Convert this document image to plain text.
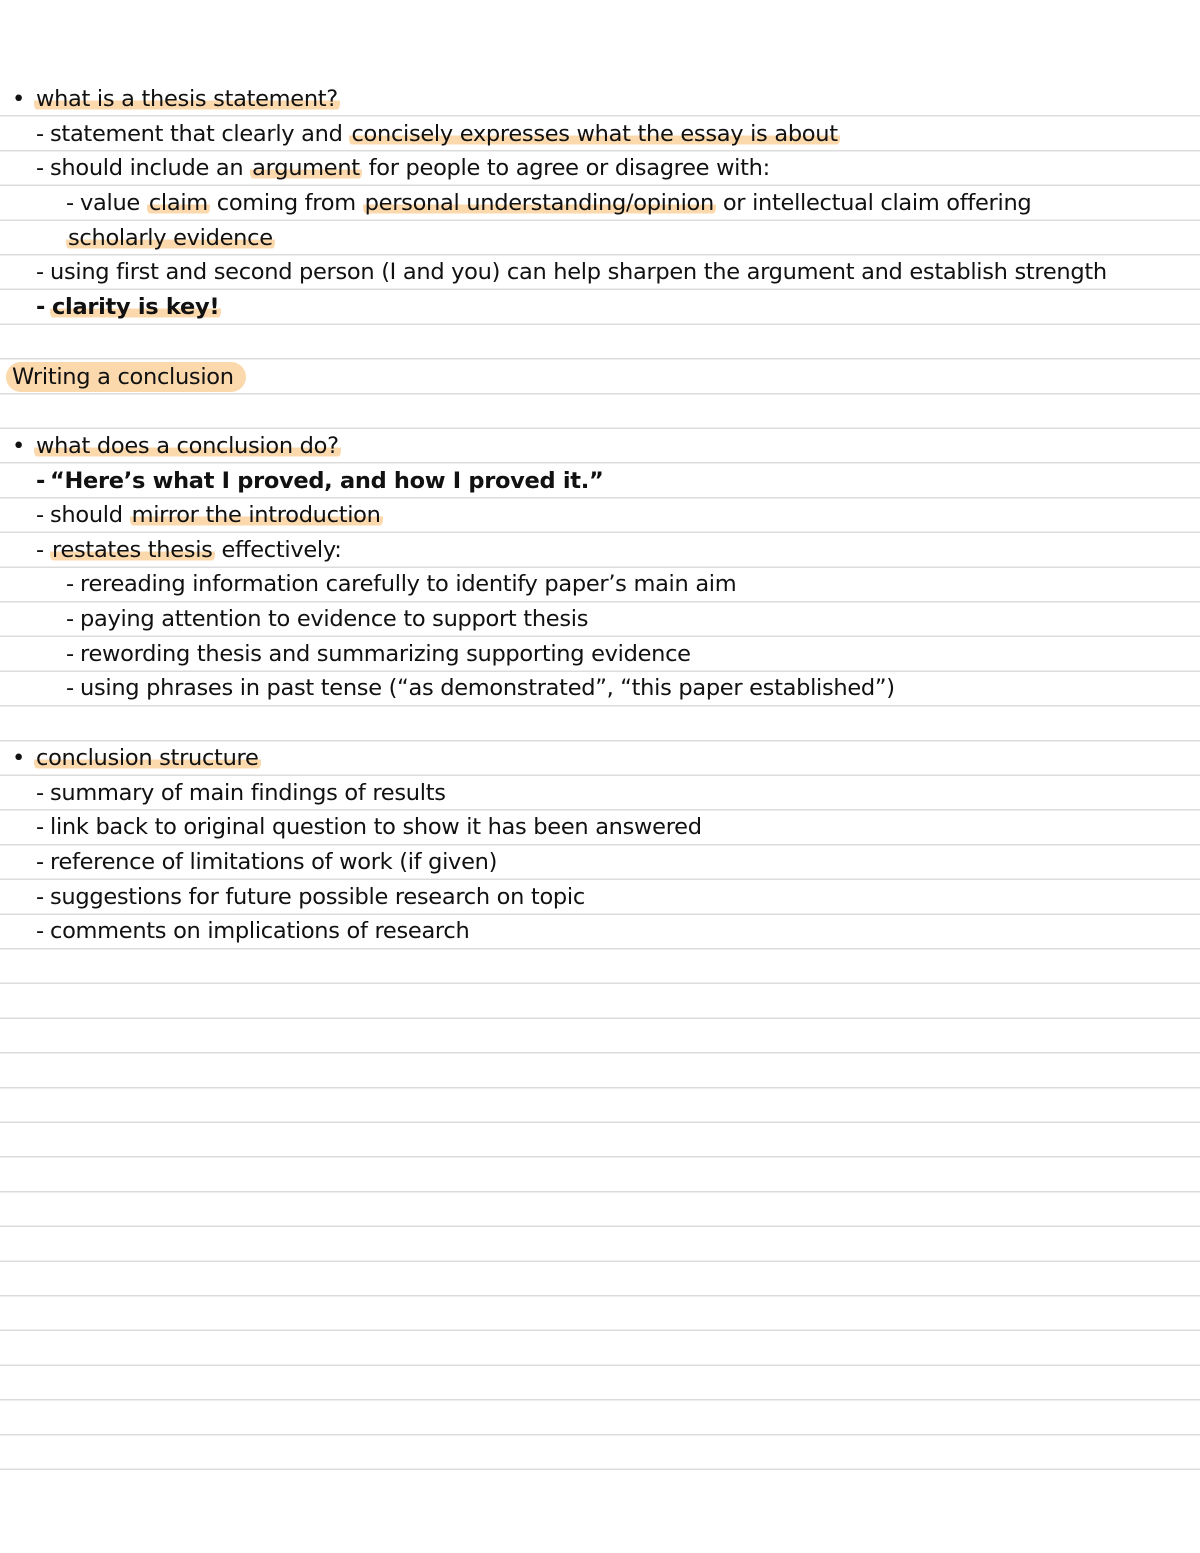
• what is a thesis statement?
- statement that clearly and concisely expresses what the essay is about
- should include an argument for people to agree or disagree with:
- value claim coming from personal understanding/opinion or intellectual claim offering
scholarly evidence
- using first and second person (I and you) can help sharpen the argument and establish strength
- clarity is key!
Writing a conclusion
• what does a conclusion do?
- “Here’s what I proved, and how I proved it.”
- should mirror the introduction
- restates thesis effectively:
- rereading information carefully to identify paper’s main aim
- paying attention to evidence to support thesis
- rewording thesis and summarizing supporting evidence
- using phrases in past tense (“as demonstrated”, “this paper established”)
• conclusion structure
- summary of main findings of results
- link back to original question to show it has been answered
- reference of limitations of work (if given)
- suggestions for future possible research on topic
- comments on implications of research
